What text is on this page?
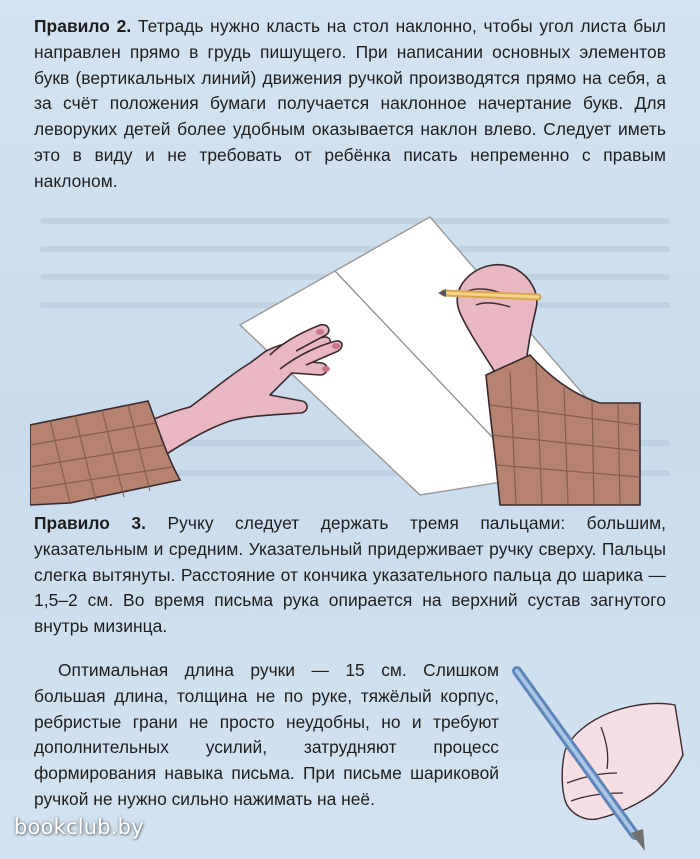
Правило 2. Тетрадь нужно класть на стол наклонно, чтобы угол листа был направлен прямо в грудь пишущего. При написании основных элементов букв (вертикальных линий) движения ручкой производятся прямо на себя, а за счёт положения бумаги получается наклонное начертание букв. Для леворуких детей более удобным оказывается наклон влево. Следует иметь это в виду и не требовать от ребёнка писать непременно с правым наклоном.

Правило 3. Ручку следует держать тремя пальцами: большим, указательным и средним. Указательный придерживает ручку сверху. Пальцы слегка вытянуты. Расстояние от кончика указательного пальца до шарика — 1,5–2 см. Во время письма рука опирается на верхний сустав загнутого внутрь мизинца.

Оптимальная длина ручки — 15 см. Слишком большая длина, толщина не по руке, тяжёлый корпус, ребристые грани не просто неудобны, но и требуют дополнительных усилий, затрудняют процесс формирования навыка письма. При письме шариковой ручкой не нужно сильно нажимать на неё.

bookclub.by
